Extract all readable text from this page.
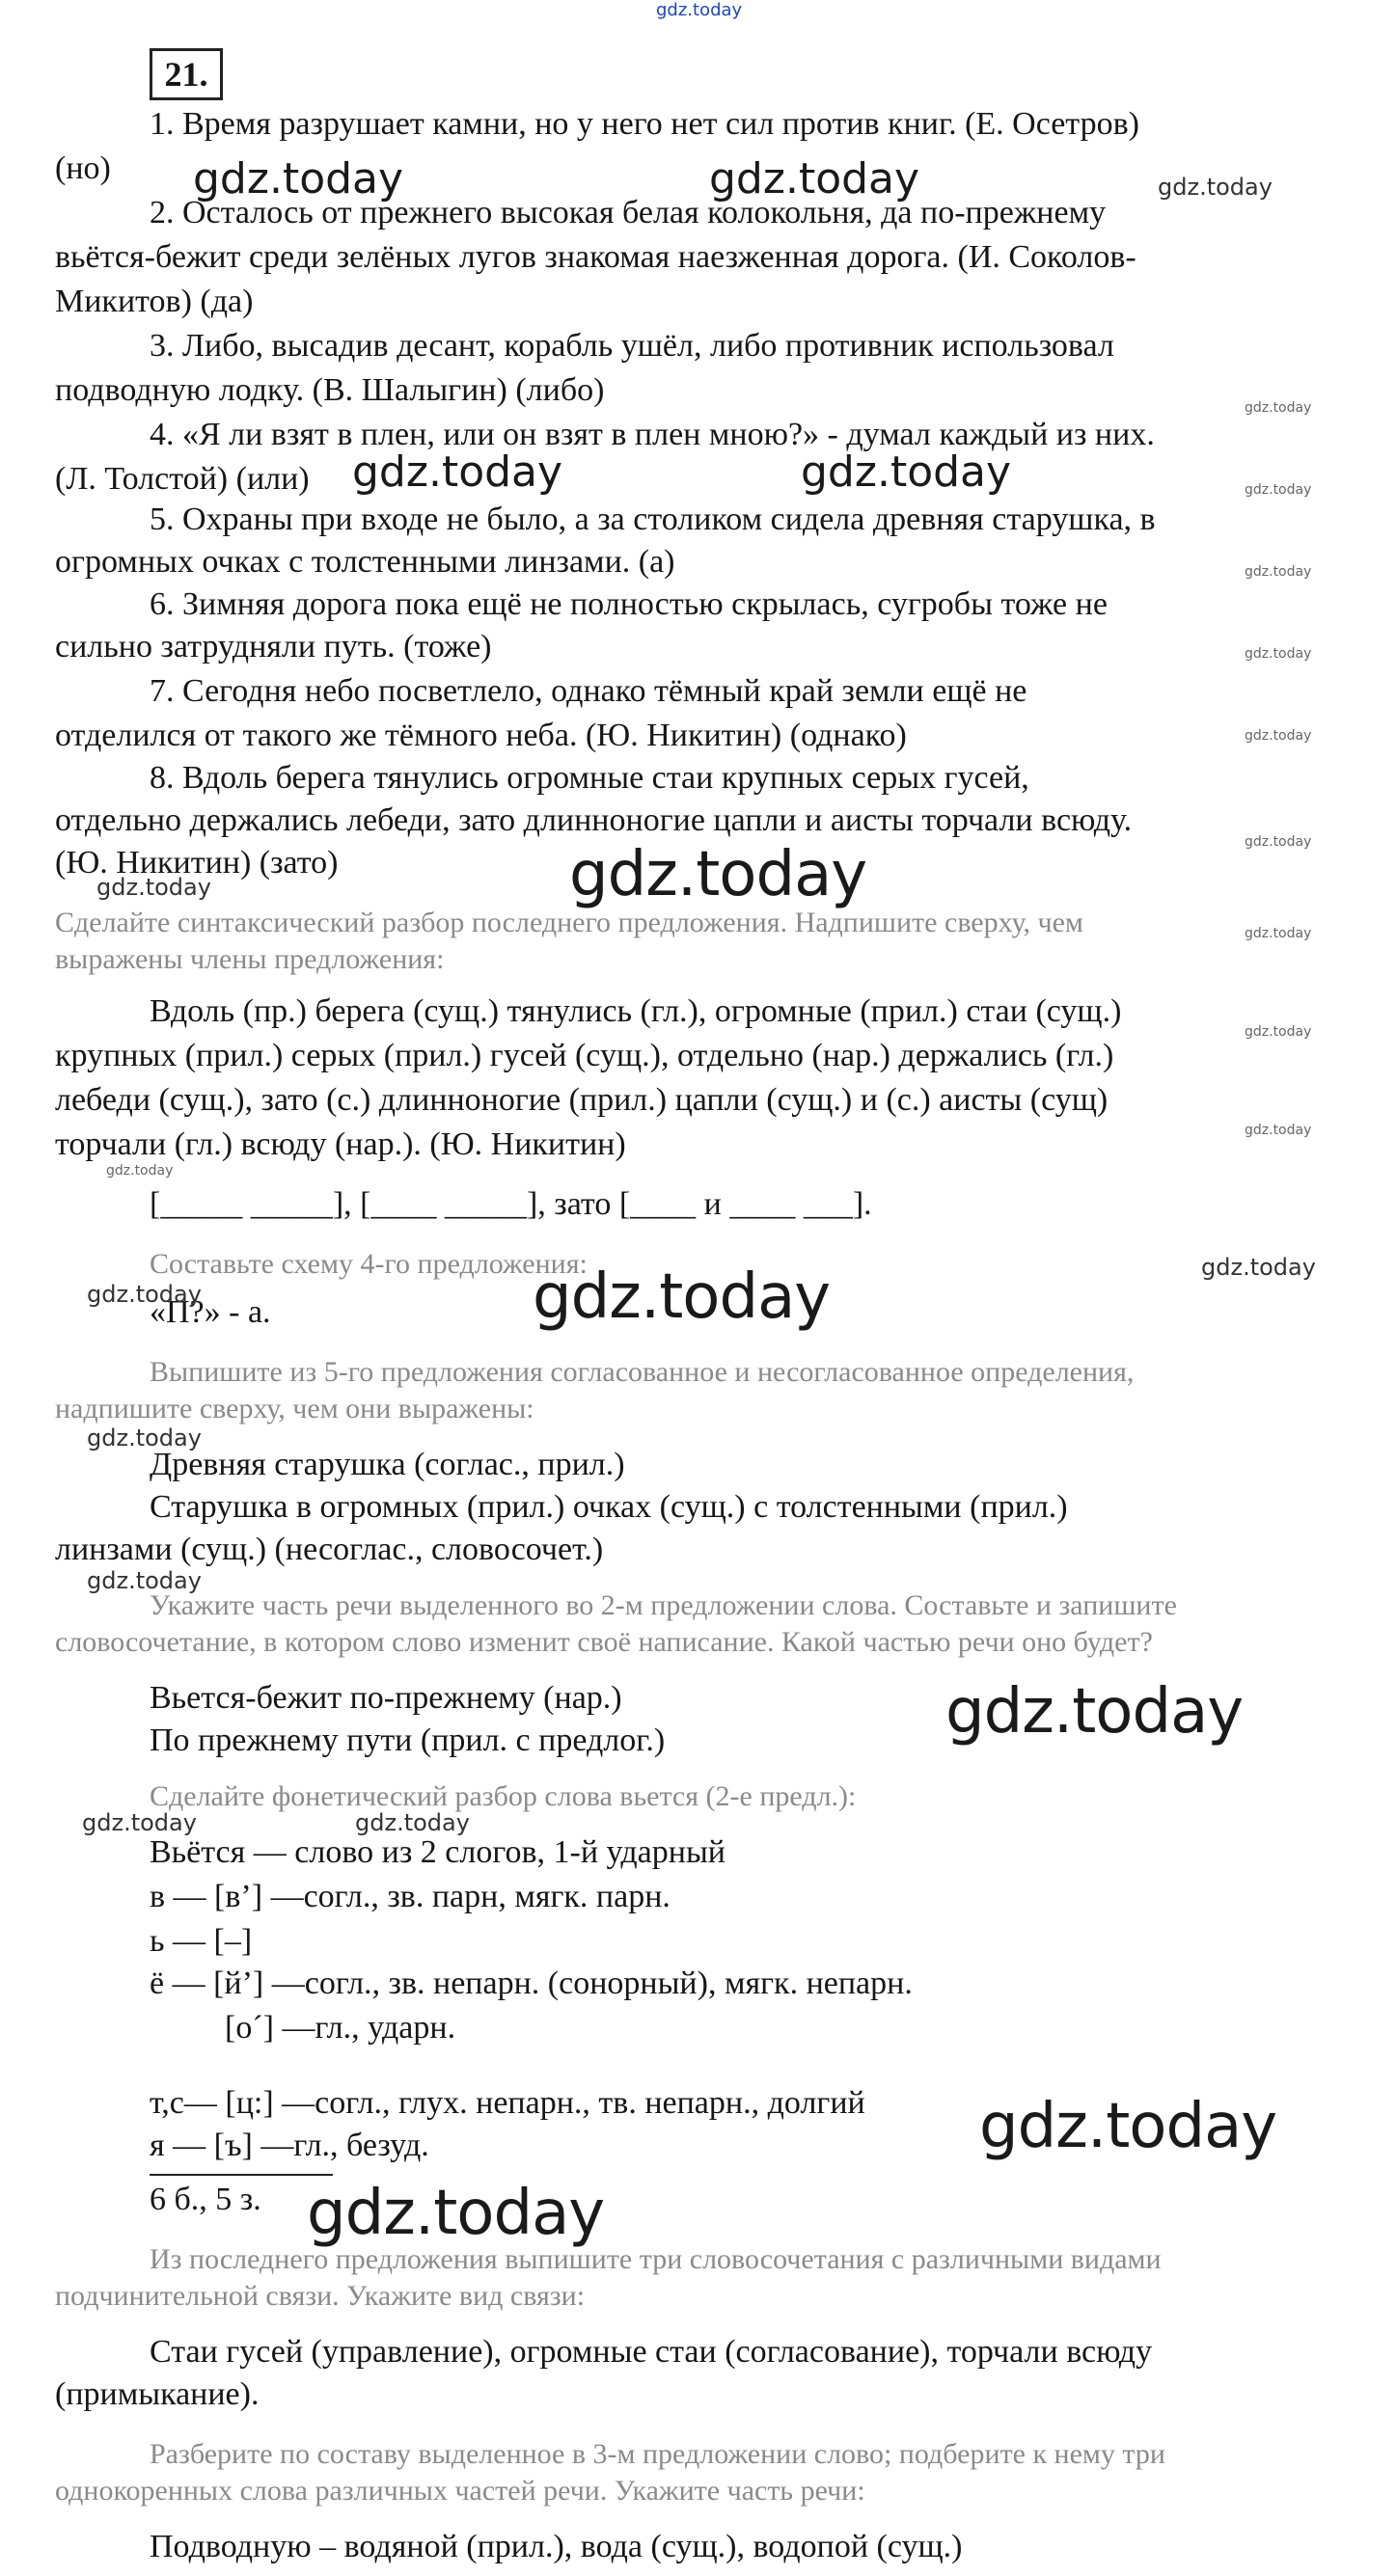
gdz.today
21.
1. Время разрушает камни, но у него нет сил против книг. (Е. Осетров)
(но)
2. Осталось от прежнего высокая белая колокольня, да по-прежнему
вьётся-бежит среди зелёных лугов знакомая наезженная дорога. (И. Соколов-
Микитов) (да)
3. Либо, высадив десант, корабль ушёл, либо противник использовал
подводную лодку. (В. Шалыгин) (либо)
4. «Я ли взят в плен, или он взят в плен мною?» - думал каждый из них.
(Л. Толстой) (или)
5. Охраны при входе не было, а за столиком сидела древняя старушка, в
огромных очках с толстенными линзами. (а)
6. Зимняя дорога пока ещё не полностью скрылась, сугробы тоже не
сильно затрудняли путь. (тоже)
7. Сегодня небо посветлело, однако тёмный край земли ещё не
отделился от такого же тёмного неба. (Ю. Никитин) (однако)
8. Вдоль берега тянулись огромные стаи крупных серых гусей,
отдельно держались лебеди, зато длинноногие цапли и аисты торчали всюду.
(Ю. Никитин) (зато)
Сделайте синтаксический разбор последнего предложения. Надпишите сверху, чем
выражены члены предложения:
Вдоль (пр.) берега (сущ.) тянулись (гл.), огромные (прил.) стаи (сущ.)
крупных (прил.) серых (прил.) гусей (сущ.), отдельно (нар.) держались (гл.)
лебеди (сущ.), зато (с.) длинноногие (прил.) цапли (сущ.) и (с.) аисты (сущ)
торчали (гл.) всюду (нар.). (Ю. Никитин)
[_____ _____], [____ _____], зато [____ и ____ ___].
Составьте схему 4-го предложения:
«П?» - а.
Выпишите из 5-го предложения согласованное и несогласованное определения,
надпишите сверху, чем они выражены:
Древняя старушка (соглас., прил.)
Старушка в огромных (прил.) очках (сущ.) с толстенными (прил.)
линзами (сущ.) (несоглас., словосочет.)
Укажите часть речи выделенного во 2-м предложении слова. Составьте и запишите
словосочетание, в котором слово изменит своё написание. Какой частью речи оно будет?
Вьется-бежит по-прежнему (нар.)
По прежнему пути (прил. с предлог.)
Сделайте фонетический разбор слова вьется (2-е предл.):
Вьётся — слово из 2 слогов, 1-й ударный
в — [в’] —согл., зв. парн, мягк. парн.
ь — [–]
ё — [й’] —согл., зв. непарн. (сонорный), мягк. непарн.
[о´] —гл., ударн.
т,с— [ц:] —согл., глух. непарн., тв. непарн., долгий
я — [ъ] —гл., безуд.
6 б., 5 з.
Из последнего предложения выпишите три словосочетания с различными видами
подчинительной связи. Укажите вид связи:
Стаи гусей (управление), огромные стаи (согласование), торчали всюду
(примыкание).
Разберите по составу выделенное в 3-м предложении слово; подберите к нему три
однокоренных слова различных частей речи. Укажите часть речи:
Подводную – водяной (прил.), вода (сущ.), водопой (сущ.)
gdz.today	gdz.today	gdz.today
gdz.today	gdz.today
gdz.today
gdz.today
gdz.today
gdz.today
gdz.today
gdz.today
gdz.today
gdz.today
gdz.today
gdz.today
gdz.today
gdz.today
gdz.today
gdz.today
gdz.today
gdz.today
gdz.today
gdz.today
gdz.today	gdz.today
gdz.today
gdz.today
